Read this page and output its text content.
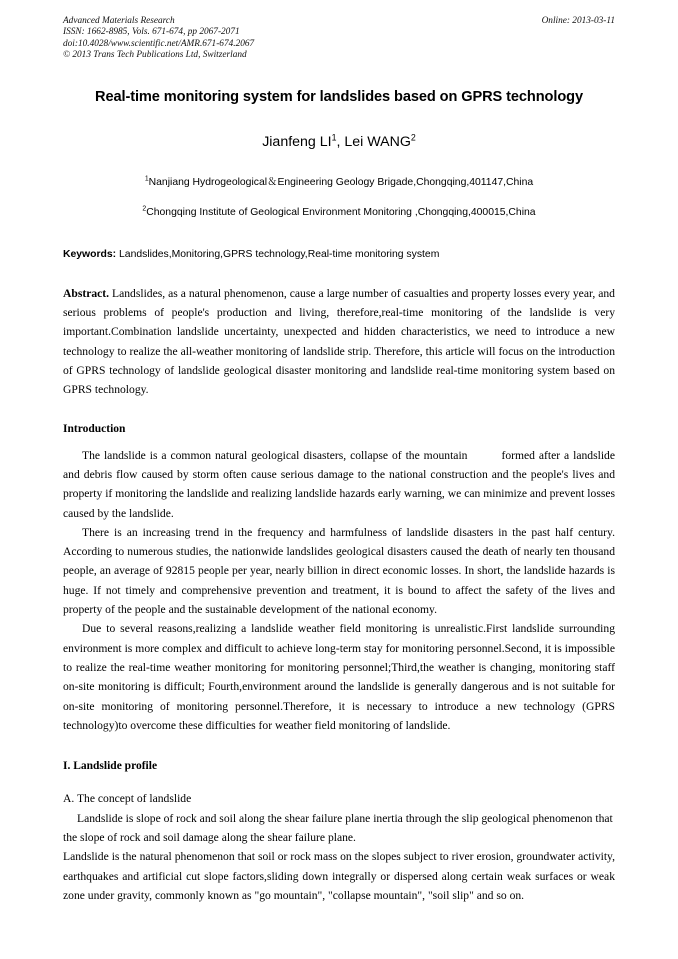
Advanced Materials Research
ISSN: 1662-8985, Vols. 671-674, pp 2067-2071
doi:10.4028/www.scientific.net/AMR.671-674.2067
© 2013 Trans Tech Publications Ltd, Switzerland
Online: 2013-03-11
Real-time monitoring system for landslides based on GPRS technology
Jianfeng $LI^1$, Lei WANG$^2$
$^1$Nanjiang Hydrogeological＆Engineering Geology Brigade,Chongqing,401147,China
$^2$Chongqing Institute of Geological Environment Monitoring ,Chongqing,400015,China
Keywords: Landslides,Monitoring,GPRS technology,Real-time monitoring system
Abstract. Landslides, as a natural phenomenon, cause a large number of casualties and property losses every year, and serious problems of people's production and living, therefore,real-time monitoring of the landslide is very important.Combination landslide uncertainty, unexpected and hidden characteristics, we need to introduce a new technology to realize the all-weather monitoring of landslide strip. Therefore, this article will focus on the introduction of GPRS technology of landslide geological disaster monitoring and landslide real-time monitoring system based on GPRS technology.
Introduction
The landslide is a common natural geological disasters, collapse of the mountain	formed after a landslide and debris flow caused by storm often cause serious damage to the national construction and the people's lives and property if monitoring the landslide and realizing landslide hazards early warning, we can minimize and prevent losses caused by the landslide.
There is an increasing trend in the frequency and harmfulness of landslide disasters in the past half century. According to numerous studies, the nationwide landslides geological disasters caused the death of nearly ten thousand people, an average of 92815 people per year, nearly billion in direct economic losses. In short, the landslide hazards is huge. If not timely and comprehensive prevention and treatment, it is bound to affect the safety of the lives and property of the people and the sustainable development of the national economy.
Due to several reasons,realizing a landslide weather field monitoring is unrealistic.First landslide surrounding environment is more complex and difficult to achieve long-term stay for monitoring personnel.Second, it is impossible to realize the real-time weather monitoring for monitoring personnel;Third,the weather is changing, monitoring staff on-site monitoring is difficult; Fourth,environment around the landslide is generally dangerous and is not suitable for on-site monitoring of monitoring personnel.Therefore, it is necessary to introduce a new technology (GPRS technology)to overcome these difficulties for weather field monitoring of landslide.
I. Landslide profile
A. The concept of landslide
Landslide is slope of rock and soil along the shear failure plane inertia through the slip geological phenomenon that the slope of rock and soil damage along the shear failure plane.
Landslide is the natural phenomenon that soil or rock mass on the slopes subject to river erosion, groundwater activity, earthquakes and artificial cut slope factors,sliding down integrally or dispersed along certain weak surfaces or weak zone under gravity, commonly known as "go mountain", "collapse mountain", "soil slip" and so on.
